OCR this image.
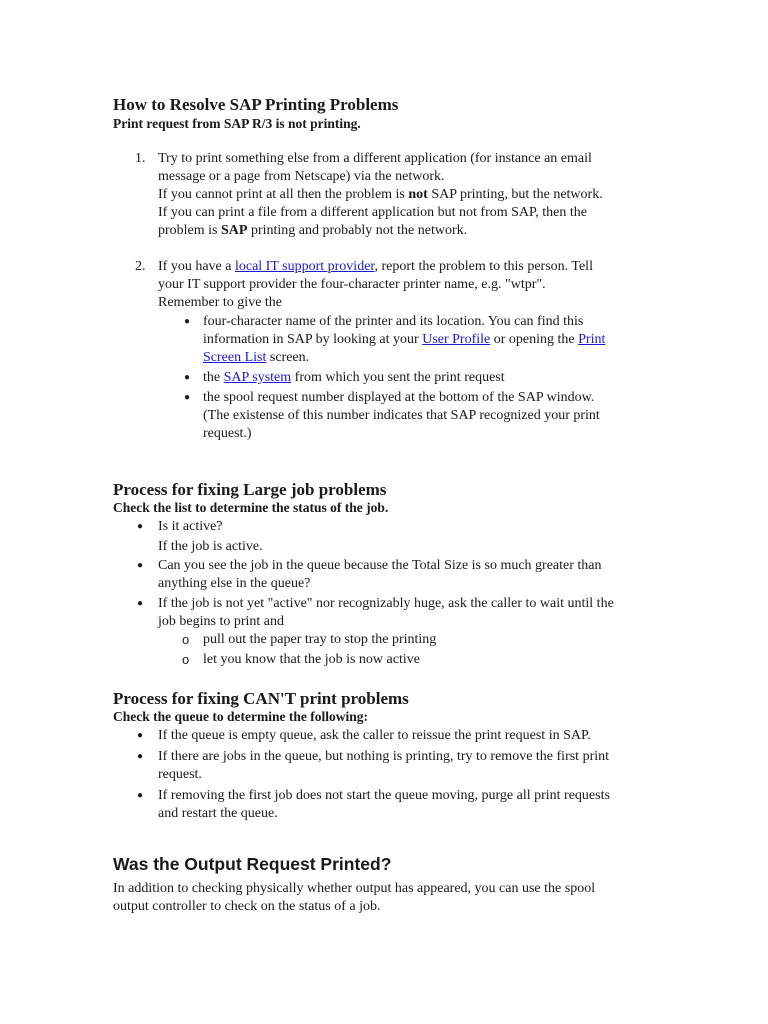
How to Resolve SAP Printing Problems
Print request from SAP R/3 is not printing.
1. Try to print something else from a different application (for instance an email
message or a page from Netscape) via the network.
If you cannot print at all then the problem is not SAP printing, but the network.
If you can print a file from a different application but not from SAP, then the
problem is SAP printing and probably not the network.
2. If you have a local IT support provider, report the problem to this person. Tell
your IT support provider the four-character printer name, e.g. "wtpr".
Remember to give the
● four-character name of the printer and its location. You can find this
information in SAP by looking at your User Profile or opening the Print
Screen List screen.
● the SAP system from which you sent the print request
● the spool request number displayed at the bottom of the SAP window.
(The existense of this number indicates that SAP recognized your print
request.)
Process for fixing Large job problems
Check the list to determine the status of the job.
● Is it active?
If the job is active.
● Can you see the job in the queue because the Total Size is so much greater than
anything else in the queue?
● If the job is not yet "active" nor recognizably huge, ask the caller to wait until the
job begins to print and
o pull out the paper tray to stop the printing
o let you know that the job is now active
Process for fixing CAN'T print problems
Check the queue to determine the following:
● If the queue is empty queue, ask the caller to reissue the print request in SAP.
● If there are jobs in the queue, but nothing is printing, try to remove the first print
request.
● If removing the first job does not start the queue moving, purge all print requests
and restart the queue.
Was the Output Request Printed?
In addition to checking physically whether output has appeared, you can use the spool
output controller to check on the status of a job.
